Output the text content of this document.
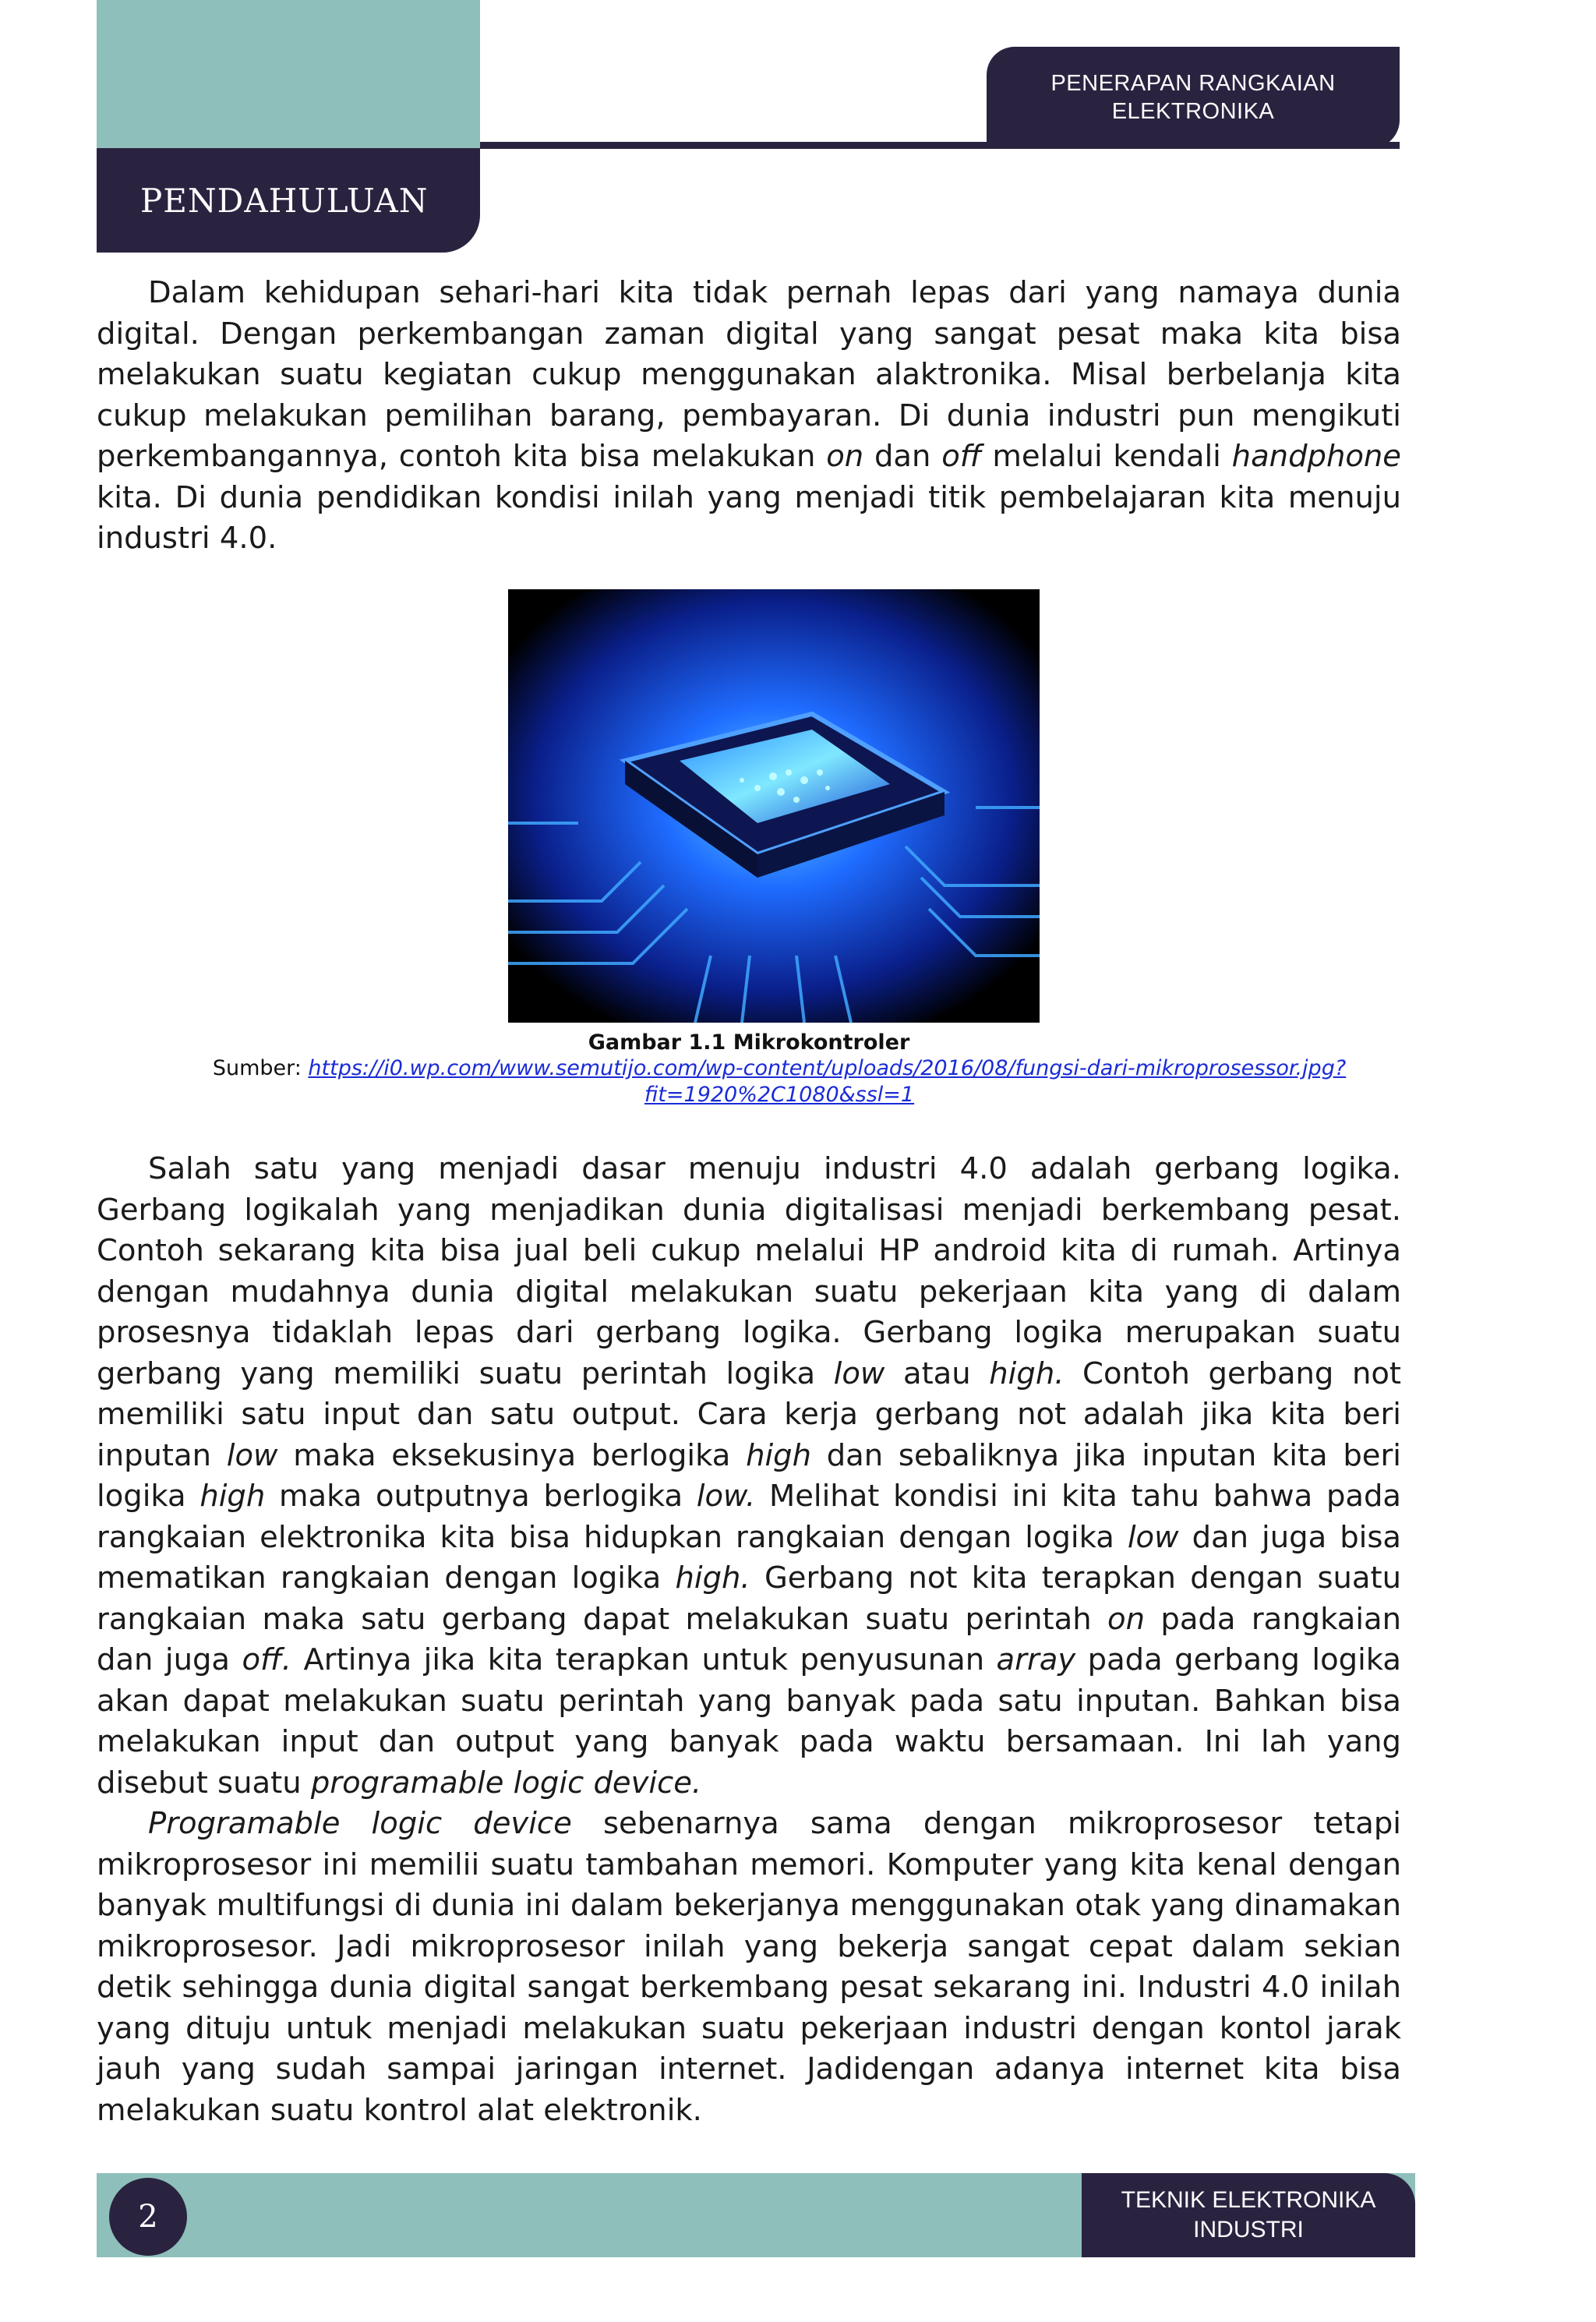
PENERAPAN RANGKAIAN
ELEKTRONIKA
PENDAHULUAN

Dalam kehidupan sehari-hari kita tidak pernah lepas dari yang namaya dunia digital. Dengan perkembangan zaman digital yang sangat pesat maka kita bisa melakukan suatu kegiatan cukup menggunakan alaktronika. Misal berbelanja kita cukup melakukan pemilihan barang, pembayaran. Di dunia industri pun mengikuti perkembangannya, contoh kita bisa melakukan on dan off melalui kendali handphone kita. Di dunia pendidikan kondisi inilah yang menjadi titik pembelajaran kita menuju industri 4.0.

Gambar 1.1 Mikrokontroler
Sumber: https://i0.wp.com/www.semutijo.com/wp-content/uploads/2016/08/fungsi-dari-mikroprosessor.jpg?fit=1920%2C1080&ssl=1

Salah satu yang menjadi dasar menuju industri 4.0 adalah gerbang logika. Gerbang logikalah yang menjadikan dunia digitalisasi menjadi berkembang pesat. Contoh sekarang kita bisa jual beli cukup melalui HP android kita di rumah. Artinya dengan mudahnya dunia digital melakukan suatu pekerjaan kita yang di dalam prosesnya tidaklah lepas dari gerbang logika. Gerbang logika merupakan suatu gerbang yang memiliki suatu perintah logika low atau high. Contoh gerbang not memiliki satu input dan satu output. Cara kerja gerbang not adalah jika kita beri inputan low maka eksekusinya berlogika high dan sebaliknya jika inputan kita beri logika high maka outputnya berlogika low. Melihat kondisi ini kita tahu bahwa pada rangkaian elektronika kita bisa hidupkan rangkaian dengan logika low dan juga bisa mematikan rangkaian dengan logika high. Gerbang not kita terapkan dengan suatu rangkaian maka satu gerbang dapat melakukan suatu perintah on pada rangkaian dan juga off. Artinya jika kita terapkan untuk penyusunan array pada gerbang logika akan dapat melakukan suatu perintah yang banyak pada satu inputan. Bahkan bisa melakukan input dan output yang banyak pada waktu bersamaan. Ini lah yang disebut suatu programable logic device.

Programable logic device sebenarnya sama dengan mikroprosesor tetapi mikroprosesor ini memilii suatu tambahan memori. Komputer yang kita kenal dengan banyak multifungsi di dunia ini dalam bekerjanya menggunakan otak yang dinamakan mikroprosesor. Jadi mikroprosesor inilah yang bekerja sangat cepat dalam sekian detik sehingga dunia digital sangat berkembang pesat sekarang ini. Industri 4.0 inilah yang dituju untuk menjadi melakukan suatu pekerjaan industri dengan kontol jarak jauh yang sudah sampai jaringan internet. Jadidengan adanya internet kita bisa melakukan suatu kontrol alat elektronik.

2	TEKNIK ELEKTRONIKA
INDUSTRI
